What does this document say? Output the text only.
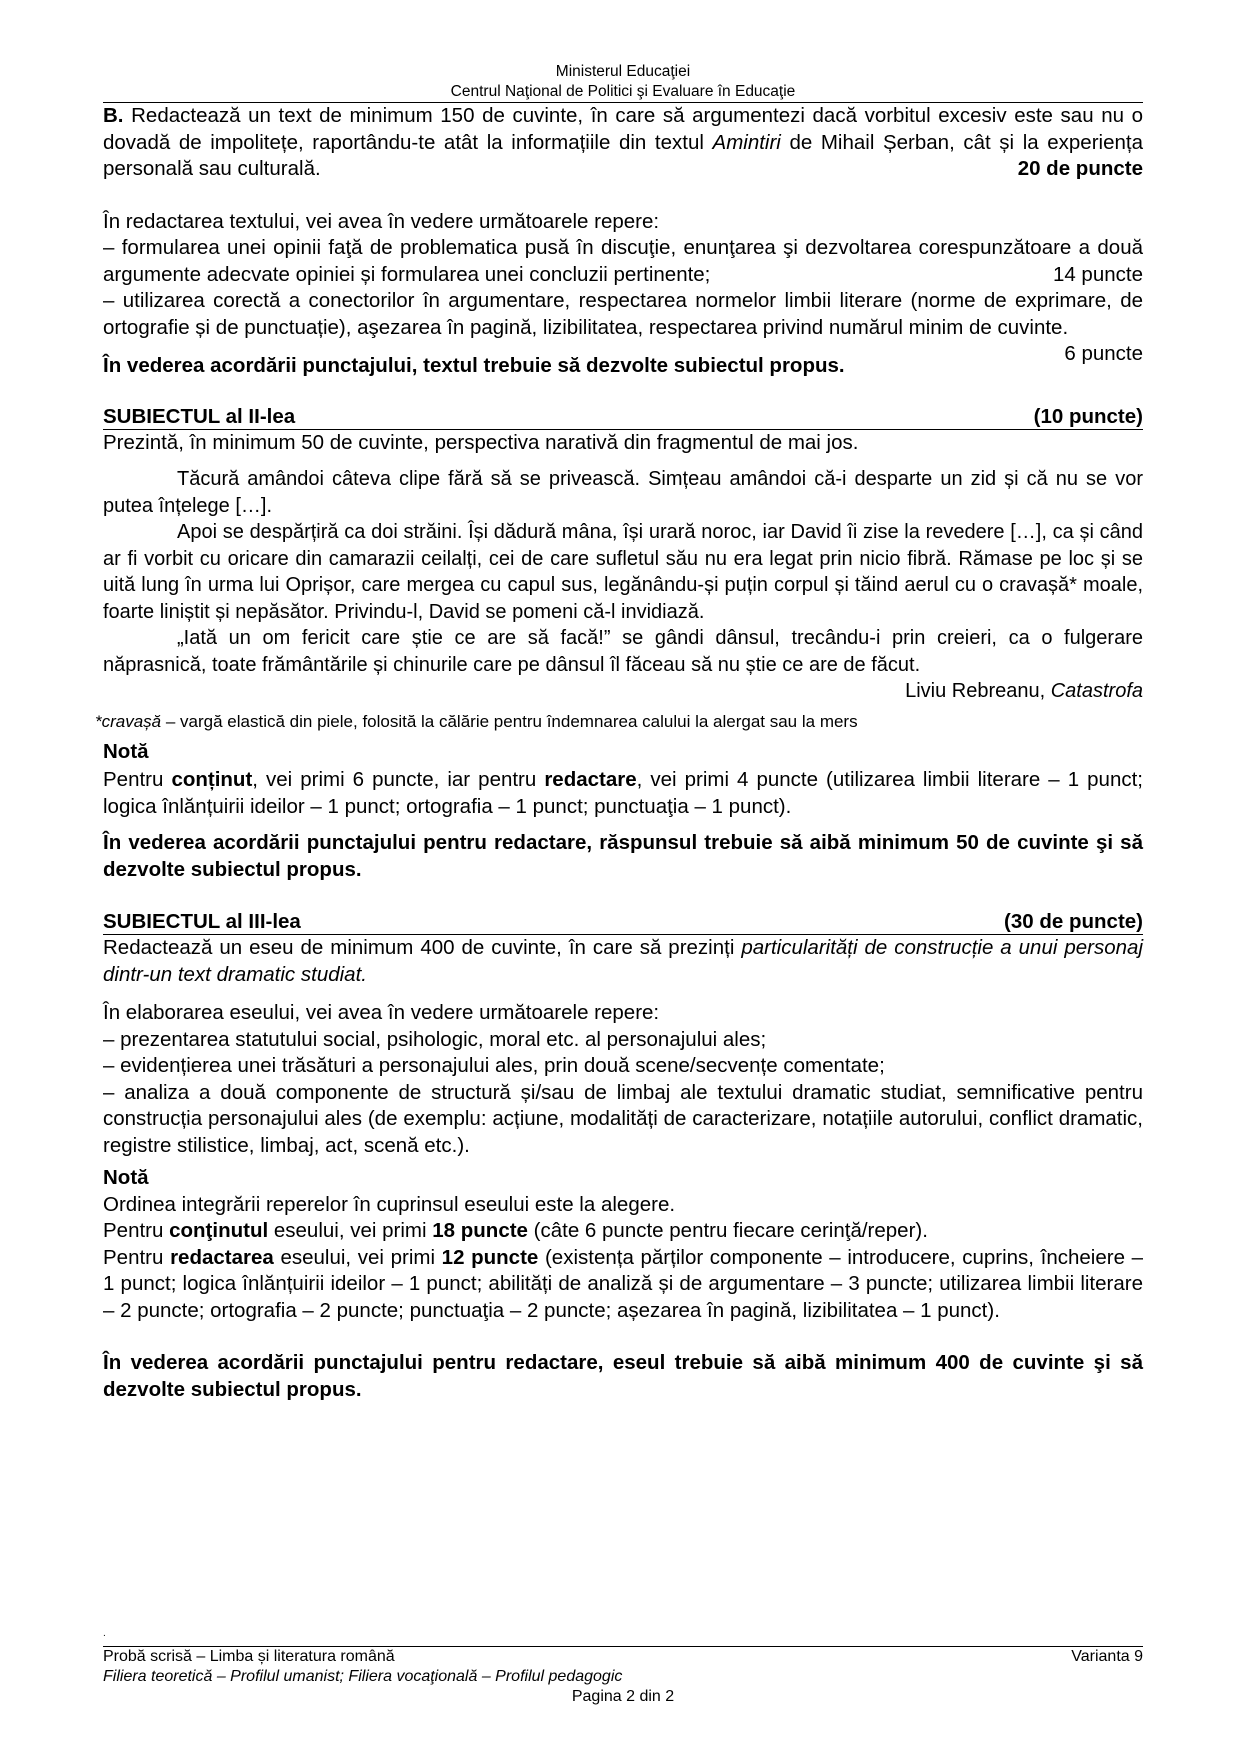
Ministerul Educaţiei
Centrul Naţional de Politici şi Evaluare în Educaţie

B. Redactează un text de minimum 150 de cuvinte, în care să argumentezi dacă vorbitul excesiv este sau nu o dovadă de impolitețe, raportându-te atât la informațiile din textul Amintiri de Mihail Șerban, cât și la experiența personală sau culturală.	20 de puncte

În redactarea textului, vei avea în vedere următoarele repere:

– formularea unei opinii faţă de problematica pusă în discuţie, enunţarea şi dezvoltarea corespunzătoare a două argumente adecvate opiniei și formularea unei concluzii pertinente;	14 puncte

– utilizarea corectă a conectorilor în argumentare, respectarea normelor limbii literare (norme de exprimare, de ortografie și de punctuație), aşezarea în pagină, lizibilitatea, respectarea privind numărul minim de cuvinte.
6 puncte

În vederea acordării punctajului, textul trebuie să dezvolte subiectul propus.

SUBIECTUL al II-lea	(10 puncte)

Prezintă, în minimum 50 de cuvinte, perspectiva narativă din fragmentul de mai jos.

Tăcură amândoi câteva clipe fără să se privească. Simțeau amândoi că-i desparte un zid și că nu se vor putea înțelege […].

Apoi se despărțiră ca doi străini. Își dădură mâna, își urară noroc, iar David îi zise la revedere […], ca și când ar fi vorbit cu oricare din camarazii ceilalți, cei de care sufletul său nu era legat prin nicio fibră. Rămase pe loc și se uită lung în urma lui Oprișor, care mergea cu capul sus, legănându-și puțin corpul și tăind aerul cu o cravașă* moale, foarte liniștit și nepăsător. Privindu-l, David se pomeni că-l invidiază.

„Iată un om fericit care știe ce are să facă!” se gândi dânsul, trecându-i prin creieri, ca o fulgerare năprasnică, toate frământările și chinurile care pe dânsul îl făceau să nu știe ce are de făcut.

Liviu Rebreanu, Catastrofa

*cravașă – vargă elastică din piele, folosită la călărie pentru îndemnarea calului la alergat sau la mers

Notă

Pentru conținut, vei primi 6 puncte, iar pentru redactare, vei primi 4 puncte (utilizarea limbii literare – 1 punct; logica înlănțuirii ideilor – 1 punct; ortografia – 1 punct; punctuaţia – 1 punct).

În vederea acordării punctajului pentru redactare, răspunsul trebuie să aibă minimum 50 de cuvinte şi să dezvolte subiectul propus.

SUBIECTUL al III-lea	(30 de puncte)

Redactează un eseu de minimum 400 de cuvinte, în care să prezinți particularități de construcție a unui personaj dintr-un text dramatic studiat.

În elaborarea eseului, vei avea în vedere următoarele repere:

– prezentarea statutului social, psihologic, moral etc. al personajului ales;

– evidențierea unei trăsături a personajului ales, prin două scene/secvențe comentate;

– analiza a două componente de structură și/sau de limbaj ale textului dramatic studiat, semnificative pentru construcția personajului ales (de exemplu: acțiune, modalități de caracterizare, notațiile autorului, conflict dramatic, registre stilistice, limbaj, act, scenă etc.).

Notă

Ordinea integrării reperelor în cuprinsul eseului este la alegere.

Pentru conţinutul eseului, vei primi 18 puncte (câte 6 puncte pentru fiecare cerinţă/reper).

Pentru redactarea eseului, vei primi 12 puncte (existența părților componente – introducere, cuprins, încheiere – 1 punct; logica înlănțuirii ideilor – 1 punct; abilități de analiză și de argumentare – 3 puncte; utilizarea limbii literare – 2 puncte; ortografia – 2 puncte; punctuaţia – 2 puncte; așezarea în pagină, lizibilitatea – 1 punct).

În vederea acordării punctajului pentru redactare, eseul trebuie să aibă minimum 400 de cuvinte şi să dezvolte subiectul propus.

.
Probă scrisă – Limba și literatura română	Varianta 9
Filiera teoretică – Profilul umanist; Filiera vocaţională – Profilul pedagogic
Pagina 2 din 2
